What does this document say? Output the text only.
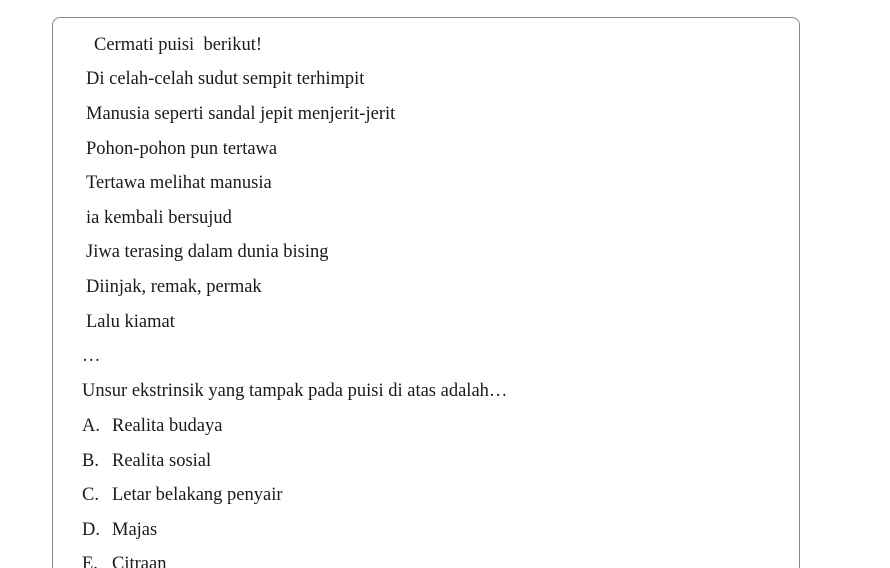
Cermati puisi  berikut!
Di celah-celah sudut sempit terhimpit
Manusia seperti sandal jepit menjerit-jerit
Pohon-pohon pun tertawa
Tertawa melihat manusia
ia kembali bersujud
Jiwa terasing dalam dunia bising
Diinjak, remak, permak
Lalu kiamat
…
Unsur ekstrinsik yang tampak pada puisi di atas adalah…
A. Realita budaya
B. Realita sosial
C. Letar belakang penyair
D. Majas
E. Citraan
